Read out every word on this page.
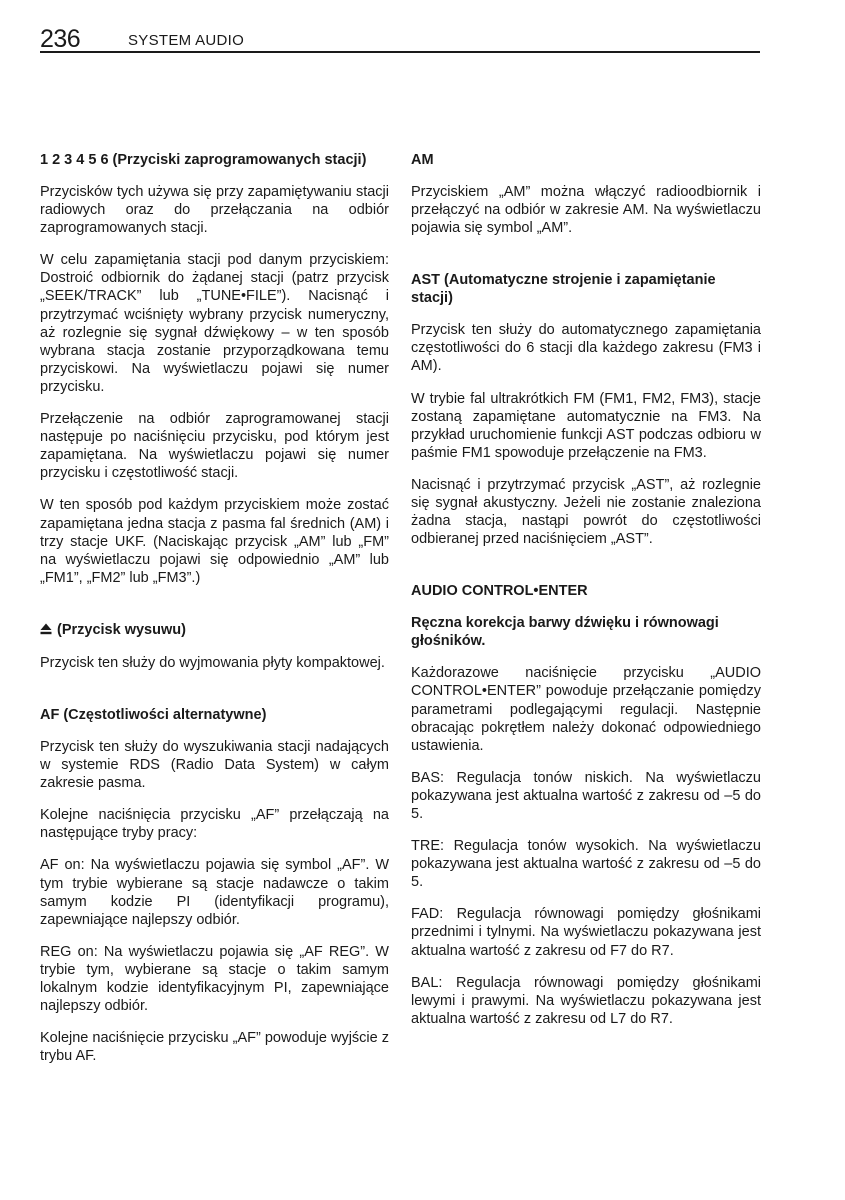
236	SYSTEM AUDIO
1 2 3 4 5 6 (Przyciski zaprogramowanych stacji)

Przycisków tych używa się przy zapamiętywaniu stacji radiowych oraz do przełączania na odbiór zaprogramowanych stacji.

W celu zapamiętania stacji pod danym przyciskiem: Dostroić odbiornik do żądanej stacji (patrz przycisk „SEEK/TRACK” lub „TUNE•FILE”). Nacisnąć i przytrzymać wciśnięty wybrany przycisk numeryczny, aż rozlegnie się sygnał dźwiękowy – w ten sposób wybrana stacja zostanie przyporządkowana temu przyciskowi. Na wyświetlaczu pojawi się numer przycisku.

Przełączenie na odbiór zaprogramowanej stacji następuje po naciśnięciu przycisku, pod którym jest zapamiętana. Na wyświetlaczu pojawi się numer przycisku i częstotliwość stacji.

W ten sposób pod każdym przyciskiem może zostać zapamiętana jedna stacja z pasma fal średnich (AM) i trzy stacje UKF. (Naciskając przycisk „AM” lub „FM” na wyświetlaczu pojawi się odpowiednio „AM” lub „FM1”, „FM2” lub „FM3”.)

(Przycisk wysuwu)

Przycisk ten służy do wyjmowania płyty kompaktowej.

AF (Częstotliwości alternatywne)

Przycisk ten służy do wyszukiwania stacji nadających w systemie RDS (Radio Data System) w całym zakresie pasma.

Kolejne naciśnięcia przycisku „AF” przełączają na następujące tryby pracy:

AF on: Na wyświetlaczu pojawia się symbol „AF”. W tym trybie wybierane są stacje nadawcze o takim samym kodzie PI (identyfikacji programu), zapewniające najlepszy odbiór.

REG on: Na wyświetlaczu pojawia się „AF REG”. W trybie tym, wybierane są stacje o takim samym lokalnym kodzie identyfikacyjnym PI, zapewniające najlepszy odbiór.

Kolejne naciśnięcie przycisku „AF” powoduje wyjście z trybu AF.

AM

Przyciskiem „AM” można włączyć radioodbiornik i przełączyć na odbiór w zakresie AM. Na wyświetlaczu pojawia się symbol „AM”.

AST (Automatyczne strojenie i zapamiętanie stacji)

Przycisk ten służy do automatycznego zapamiętania częstotliwości do 6 stacji dla każdego zakresu (FM3 i AM).

W trybie fal ultrakrótkich FM (FM1, FM2, FM3), stacje zostaną zapamiętane automatycznie na FM3. Na przykład uruchomienie funkcji AST podczas odbioru w paśmie FM1 spowoduje przełączenie na FM3.

Nacisnąć i przytrzymać przycisk „AST”, aż rozlegnie się sygnał akustyczny. Jeżeli nie zostanie znaleziona żadna stacja, nastąpi powrót do częstotliwości odbieranej przed naciśnięciem „AST”.

AUDIO CONTROL•ENTER
Ręczna korekcja barwy dźwięku i równowagi głośników.

Każdorazowe naciśnięcie przycisku „AUDIO CONTROL•ENTER” powoduje przełączanie pomiędzy parametrami podlegającymi regulacji. Następnie obracając pokrętłem należy dokonać odpowiedniego ustawienia.

BAS: Regulacja tonów niskich. Na wyświetlaczu pokazywana jest aktualna wartość z zakresu od –5 do 5.

TRE: Regulacja tonów wysokich. Na wyświetlaczu pokazywana jest aktualna wartość z zakresu od –5 do 5.

FAD: Regulacja równowagi pomiędzy głośnikami przednimi i tylnymi. Na wyświetlaczu pokazywana jest aktualna wartość z zakresu od F7 do R7.

BAL: Regulacja równowagi pomiędzy głośnikami lewymi i prawymi. Na wyświetlaczu pokazywana jest aktualna wartość z zakresu od L7 do R7.
